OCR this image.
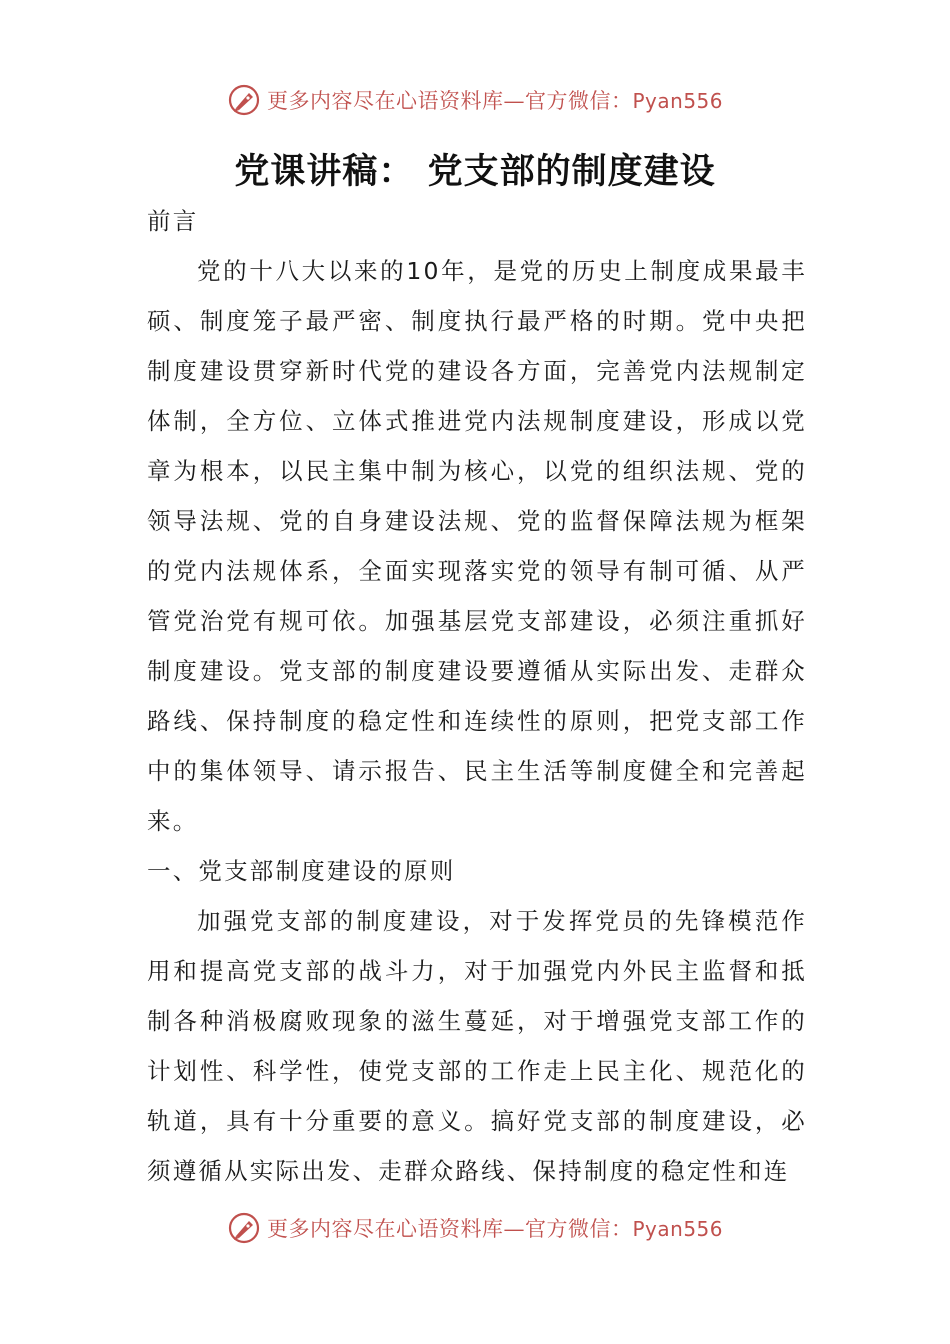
更多内容尽在心语资料库—官方微信：Pyan556
党课讲稿： 党支部的制度建设

前言

党的十八大以来的10年，是党的历史上制度成果最丰硕、制度笼子最严密、制度执行最严格的时期。党中央把制度建设贯穿新时代党的建设各方面，完善党内法规制定体制，全方位、立体式推进党内法规制度建设，形成以党章为根本，以民主集中制为核心，以党的组织法规、党的领导法规、党的自身建设法规、党的监督保障法规为框架的党内法规体系，全面实现落实党的领导有制可循、从严管党治党有规可依。加强基层党支部建设，必须注重抓好制度建设。党支部的制度建设要遵循从实际出发、走群众路线、保持制度的稳定性和连续性的原则，把党支部工作中的集体领导、请示报告、民主生活等制度健全和完善起来。

一、党支部制度建设的原则

加强党支部的制度建设，对于发挥党员的先锋模范作用和提高党支部的战斗力，对于加强党内外民主监督和抵制各种消极腐败现象的滋生蔓延，对于增强党支部工作的计划性、科学性，使党支部的工作走上民主化、规范化的轨道，具有十分重要的意义。搞好党支部的制度建设，必须遵循从实际出发、走群众路线、保持制度的稳定性和连

更多内容尽在心语资料库—官方微信：Pyan556
